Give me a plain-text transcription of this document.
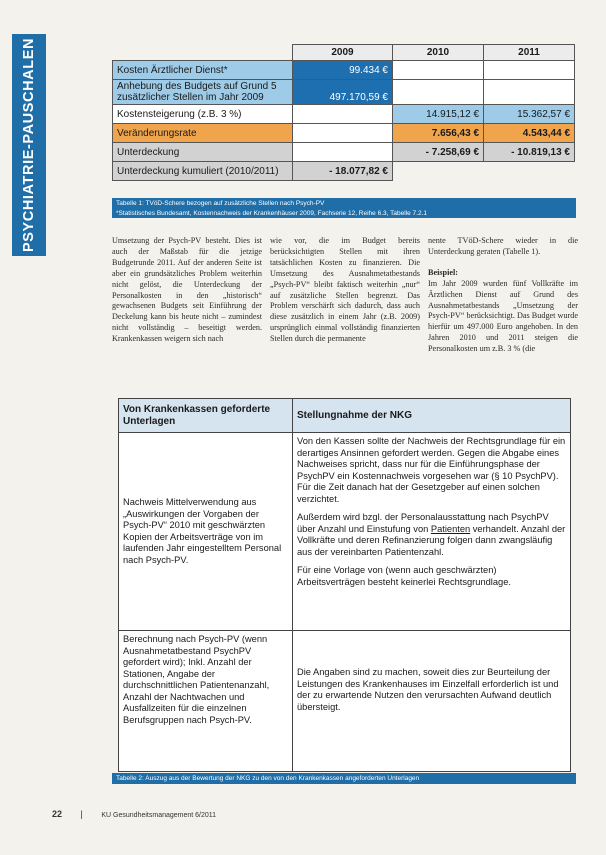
PSYCHIATRIE-PAUSCHALEN
		2009	2010	2011
Kosten Ärztlicher Dienst*	99.434 €		
Anhebung des Budgets auf Grund 5 zusätzlicher Stellen im Jahr 2009	497.170,59 €		
Kostensteigerung (z.B. 3 %)		14.915,12 €	15.362,57 €
Veränderungsrate		7.656,43 €	4.543,44 €
Unterdeckung		- 7.258,69 €	- 10.819,13 €
Unterdeckung kumuliert (2010/2011)	- 18.077,82 €		
Tabelle 1: TVöD-Schere bezogen auf zusätzliche Stellen nach Psych-PV
*Statistisches Bundesamt, Kostennachweis der Krankenhäuser 2009, Fachserie 12, Reihe 6.3, Tabelle 7.2.1

Umsetzung der Psych-PV besteht. Dies ist auch der Maßstab für die jetzige Budgetrunde 2011. Auf der anderen Seite ist aber ein grundsätzliches Problem weiterhin nicht gelöst, die Unterdeckung der Personalkosten in den „historisch“ gewachsenen Budgets seit Einführung der Deckelung kann bis heute nicht – zumindest nicht vollständig – beseitigt werden. Krankenkassen weigern sich nach

wie vor, die im Budget bereits berücksichtigten Stellen mit ihren tatsächlichen Kosten zu finanzieren. Die Umsetzung des Ausnahmetatbestands „Psych-PV“ bleibt faktisch weiterhin „nur“ auf zusätzliche Stellen begrenzt. Das Problem verschärft sich dadurch, dass auch diese zusätzlich in einem Jahr (z.B. 2009) ursprünglich einmal vollständig finanzierten Stellen durch die permanente

nente TVöD-Schere wieder in die Unterdeckung geraten (Tabelle 1).

Beispiel:

Im Jahr 2009 wurden fünf Vollkräfte im Ärztlichen Dienst auf Grund des Ausnahmetatbestands „Umsetzung der Psych-PV“ berücksichtigt. Das Budget wurde hierfür um 497.000 Euro angehoben. In den Jahren 2010 und 2011 steigen die Personalkosten um z.B. 3 % (die

Von Krankenkassen geforderte Unterlagen	Stellungnahme der NKG
Nachweis Mittelverwendung aus „Auswirkungen der Vorgaben der Psych-PV“ 2010 mit geschwärzten Kopien der Arbeitsverträge von im laufenden Jahr eingestelltem Personal nach Psych-PV.	Von den Kassen sollte der Nachweis der Rechtsgrundlage für ein derartiges Ansinnen gefordert werden. Gegen die Abgabe eines Nachweises spricht, dass nur für die Einführungsphase der PsychPV ein Kostennachweis vorgesehen war (§ 10 PsychPV). Für die Zeit danach hat der Gesetzgeber auf einen solchen verzichtet.

Außerdem wird bzgl. der Personalausstattung nach PsychPV über Anzahl und Einstufung von Patienten verhandelt. Anzahl der Vollkräfte und deren Refinanzierung folgen dann zwangsläufig aus der vereinbarten Patientenzahl.

Für eine Vorlage von (wenn auch geschwärzten) Arbeitsverträgen besteht keinerlei Rechtsgrundlage.

Berechnung nach Psych-PV (wenn Ausnahmetatbestand PsychPV gefordert wird); Inkl. Anzahl der Stationen, Angabe der durchschnittlichen Patientenanzahl, Anzahl der Nachtwachen und Ausfallzeiten für die einzelnen Berufsgruppen nach Psych-PV.	Die Angaben sind zu machen, soweit dies zur Beurteilung der Leistungen des Krankenhauses im Einzelfall erforderlich ist und der zu erwartende Nutzen den verursachten Aufwand deutlich übersteigt.
Tabelle 2: Auszug aus der Bewertung der NKG zu den von den Krankenkassen angeforderten Unterlagen
22 |	KU Gesundheitsmanagement 6/2011
